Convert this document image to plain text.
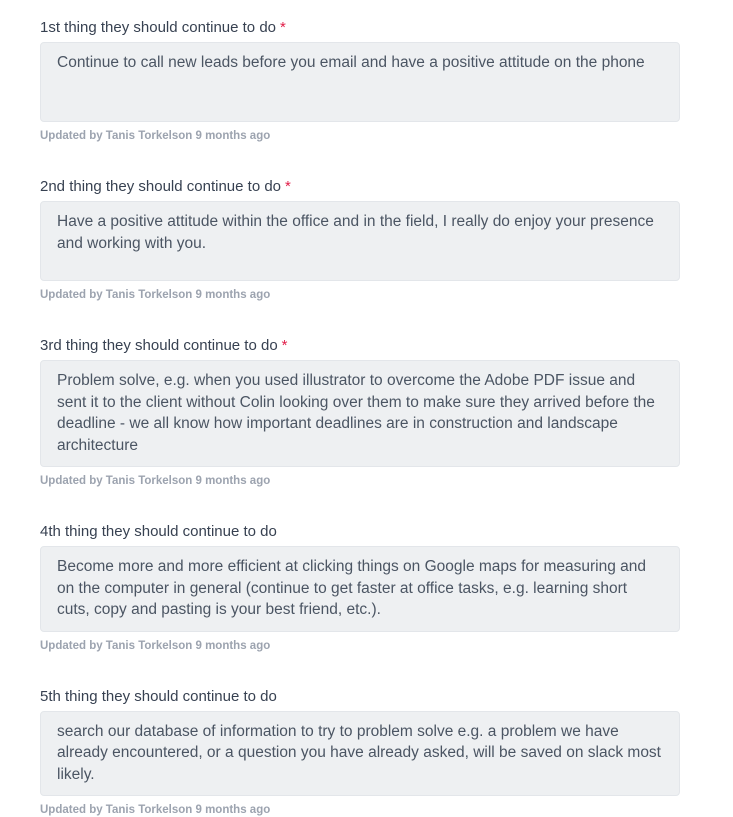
1st thing they should continue to do *
Continue to call new leads before you email and have a positive attitude on the phone
Updated by Tanis Torkelson 9 months ago
2nd thing they should continue to do *
Have a positive attitude within the office and in the field, I really do enjoy your presence and working with you.
Updated by Tanis Torkelson 9 months ago
3rd thing they should continue to do *
Problem solve, e.g. when you used illustrator to overcome the Adobe PDF issue and sent it to the client without Colin looking over them to make sure they arrived before the deadline - we all know how important deadlines are in construction and landscape architecture
Updated by Tanis Torkelson 9 months ago
4th thing they should continue to do
Become more and more efficient at clicking things on Google maps for measuring and on the computer in general (continue to get faster at office tasks, e.g. learning short cuts, copy and pasting is your best friend, etc.).
Updated by Tanis Torkelson 9 months ago
5th thing they should continue to do
search our database of information to try to problem solve e.g. a problem we have already encountered, or a question you have already asked, will be saved on slack most likely.
Updated by Tanis Torkelson 9 months ago
